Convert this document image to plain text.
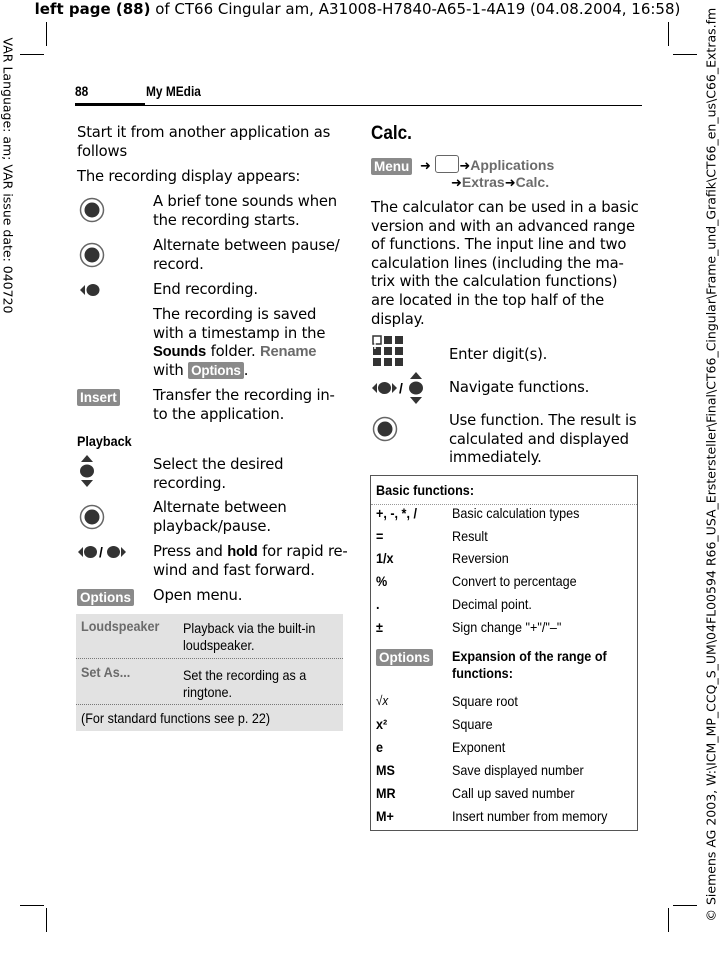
left page (88) of CT66 Cingular am, A31008-H7840-A65-1-4A19 (04.08.2004, 16:58)
VAR Language: am; VAR issue date: 040720	© Siemens AG 2003, W:\ICM_MP_CCQ_S_UM\04FL00594 R66_USA_Erstersteller\Final\CT66_Cingular\Frame_und_Grafik\CT66_en_us\C66_Extras.fm
88	My MEdia
Start it from another application as follows
The recording display appears:
A brief tone sounds when the recording starts.
Alternate between pause/ record.
End recording.
The recording is saved with a timestamp in the Sounds folder. Rename with Options .
Insert Transfer the recording in- to the application.
Playback
Select the desired recording.
Alternate between playback/pause.
/	Press and hold for rapid re- wind and fast forward.
Options Open menu.
Loudspeaker Playback via the built-in loudspeaker.
Set As...	Set the recording as a ringtone.
(For standard functions see p. 22)
Calc.
Menu ➜ ➜Applications
➜Extras➜Calc.
The calculator can be used in a basic version and with an advanced range of functions. The input line and two calculation lines (including the ma- trix with the calculation functions) are located in the top half of the display.
Enter digit(s).
/	Navigate functions.
Use function. The result is calculated and displayed immediately.
Basic functions:
+, -, *, /	Basic calculation types
=	Result
1/x	Reversion
%	Convert to percentage
.	Decimal point.
±	Sign change "+"/"–"
Options Expansion of the range of functions:
√x	Square root
x²	Square
e	Exponent
MS	Save displayed number
MR	Call up saved number
M+	Insert number from memory
